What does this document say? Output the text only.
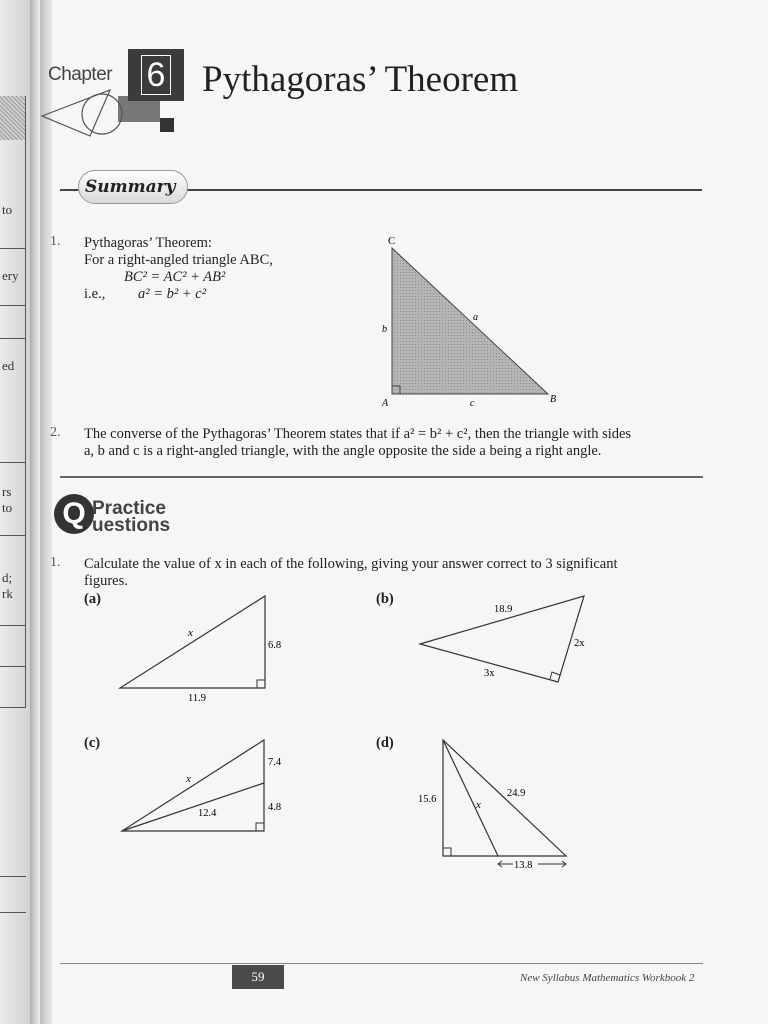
to
ery
ed
rs
to
d;
rk
Chapter	6 Pythagoras’ Theorem
Summary
1. Pythagoras’ Theorem:
For a right-angled triangle ABC,
BC² = AC² + AB²
i.e., a² = b² + c²
C
A	B
a
b
c
2. The converse of the Pythagoras’ Theorem states that if a² = b² + c², then the triangle with sides
a, b and c is a right-angled triangle, with the angle opposite the side a being a right angle.
Q Practice
uestions
1. Calculate the value of x in each of the following, giving your answer correct to 3 significant
figures.
(a)
x
6.8
11.9
(b)
18.9
2x
3x
(c)
x
7.4
4.8
12.4
(d)
15.6	x
24.9
13.8
59	New Syllabus Mathematics Workbook 2
